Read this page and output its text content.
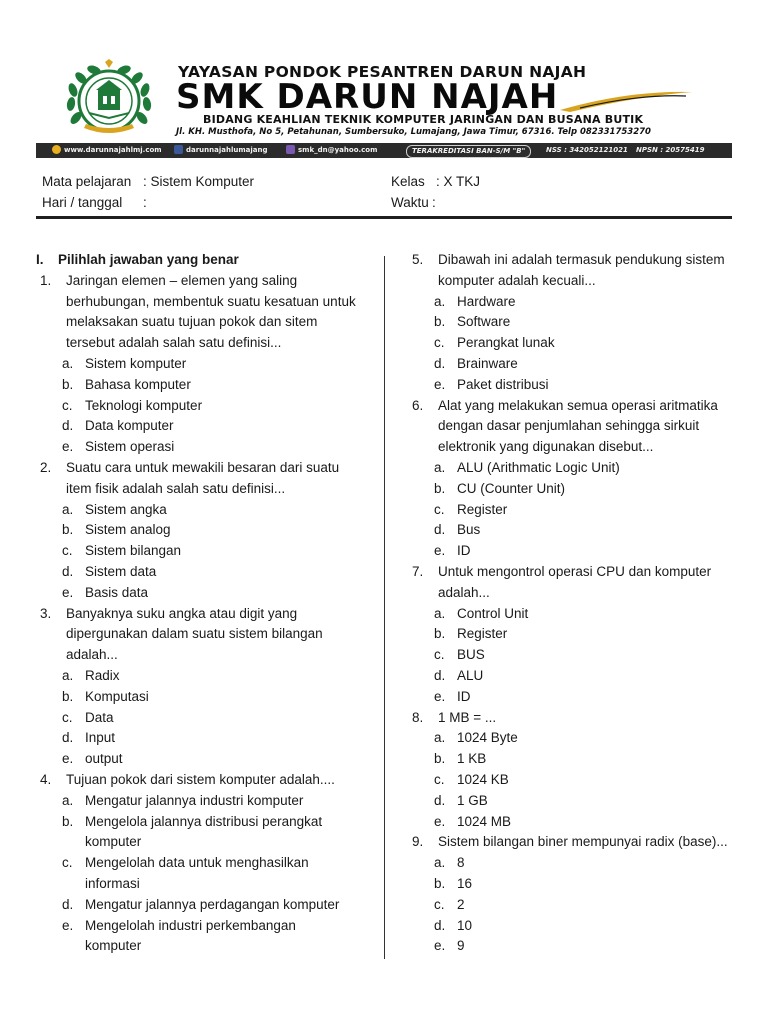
YAYASAN PONDOK PESANTREN DARUN NAJAH
SMK DARUN NAJAH
BIDANG KEAHLIAN TEKNIK KOMPUTER JARINGAN DAN BUSANA BUTIK
Jl. KH. Musthofa, No 5, Petahunan, Sumbersuko, Lumajang, Jawa Timur, 67316. Telp 082331753270
www.darunnajahlmj.com	darunnajahlumajang	smk_dn@yahoo.com	TERAKREDITASI BAN-S/M "B"	NSS : 342052121021 NPSN : 20575419
Mata pelajaran : Sistem Komputer
Hari / tanggal :
Kelas : X TKJ
Waktu :
I. Pilihlah jawaban yang benar
1.	Jaringan elemen – elemen yang saling
berhubungan, membentuk suatu kesatuan untuk
melaksakan suatu tujuan pokok dan sitem
tersebut adalah salah satu definisi...
a. Sistem komputer
b. Bahasa komputer
c. Teknologi komputer
d. Data komputer
e. Sistem operasi
2.	Suatu cara untuk mewakili besaran dari suatu
item fisik adalah salah satu definisi...
a. Sistem angka
b. Sistem analog
c. Sistem bilangan
d. Sistem data
e. Basis data
3.	Banyaknya suku angka atau digit yang
dipergunakan dalam suatu sistem bilangan
adalah...
a. Radix
b. Komputasi
c. Data
d. Input
e. output
4.	Tujuan pokok dari sistem komputer adalah....
a. Mengatur jalannya industri komputer
b. Mengelola jalannya distribusi perangkat
komputer
c. Mengelolah data untuk menghasilkan
informasi
d. Mengatur jalannya perdagangan komputer
e. Mengelolah industri perkembangan
komputer
5.	Dibawah ini adalah termasuk pendukung sistem
komputer adalah kecuali...
a. Hardware
b. Software
c. Perangkat lunak
d. Brainware
e. Paket distribusi
6.	Alat yang melakukan semua operasi aritmatika
dengan dasar penjumlahan sehingga sirkuit
elektronik yang digunakan disebut...
a. ALU (Arithmatic Logic Unit)
b. CU (Counter Unit)
c. Register
d. Bus
e. ID
7.	Untuk mengontrol operasi CPU dan komputer
adalah...
a. Control Unit
b. Register
c. BUS
d. ALU
e. ID
8.	1 MB = ...
a. 1024 Byte
b. 1 KB
c. 1024 KB
d. 1 GB
e. 1024 MB
9.	Sistem bilangan biner mempunyai radix (base)...
a. 8
b. 16
c. 2
d. 10
e. 9
